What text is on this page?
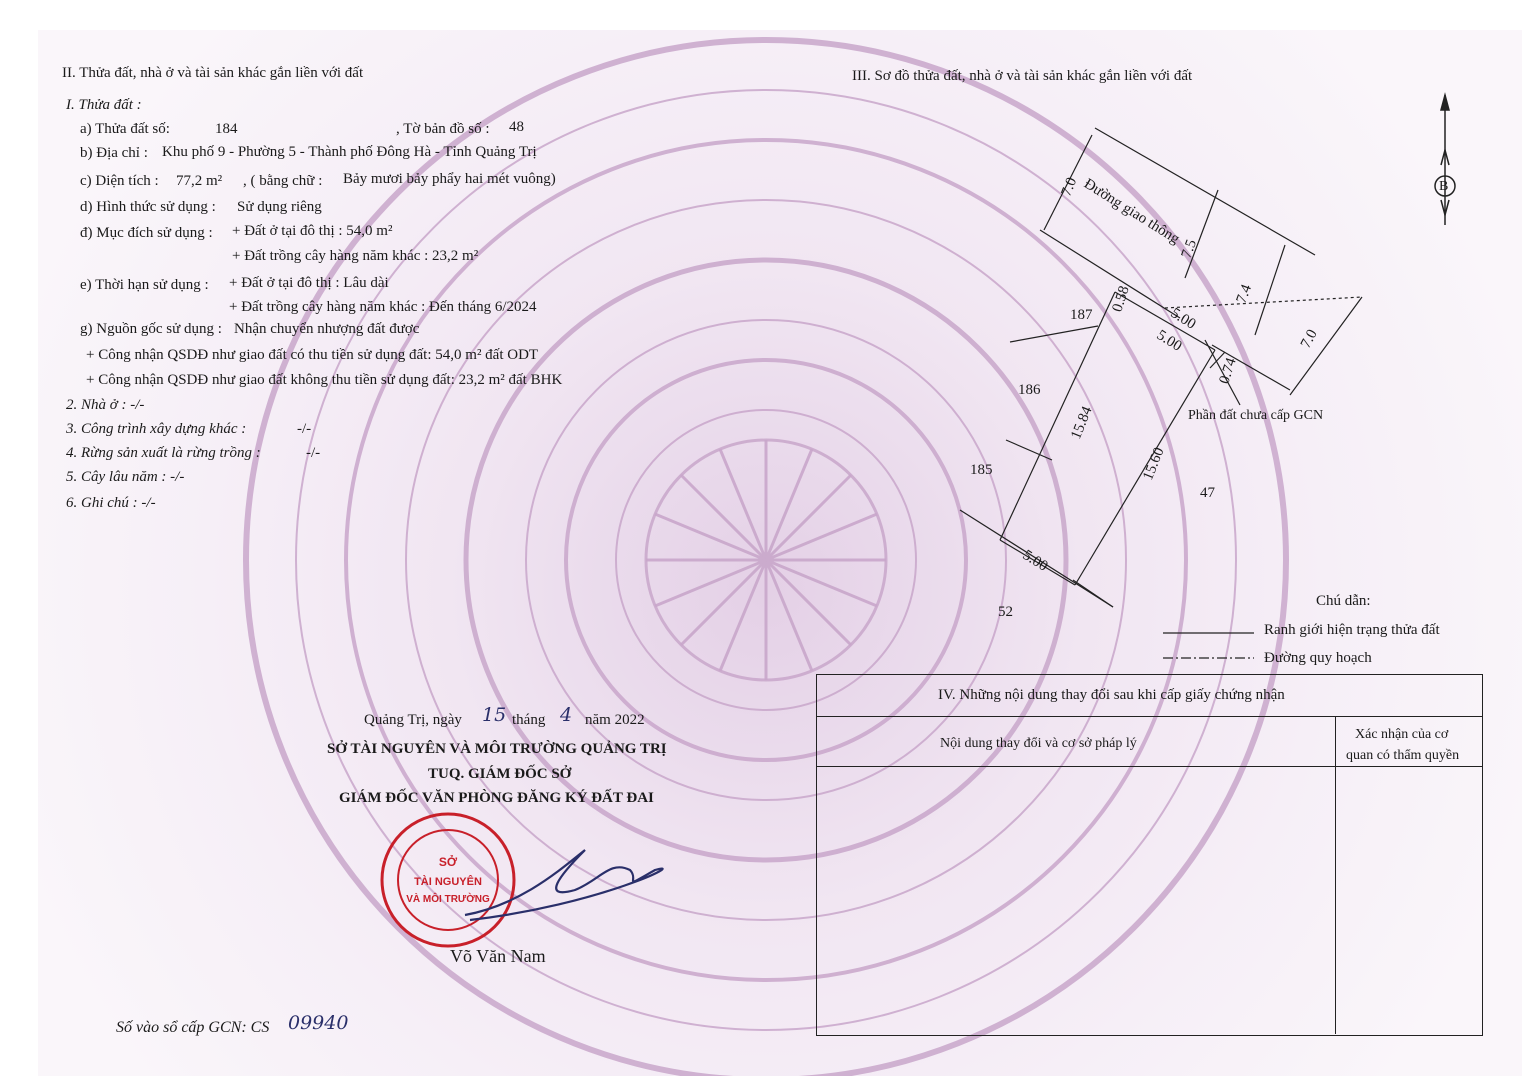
II. Thửa đất, nhà ở và tài sản khác gắn liền với đất
I. Thửa đất :
a) Thửa đất số:	184	, Tờ bản đồ số : 48
b) Địa chỉ : Khu phố 9 - Phường 5 - Thành phố Đông Hà - Tỉnh Quảng Trị
c) Diện tích : 77,2 m² , ( bằng chữ : Bảy mươi bảy phẩy hai mét vuông)
d) Hình thức sử dụng : Sử dụng riêng
đ) Mục đích sử dụng : + Đất ở tại đô thị : 54,0 m²
+ Đất trồng cây hàng năm khác : 23,2 m²
e) Thời hạn sử dụng : + Đất ở tại đô thị : Lâu dài
+ Đất trồng cây hàng năm khác : Đến tháng 6/2024
g) Nguồn gốc sử dụng : Nhận chuyển nhượng đất được
+ Công nhận QSDĐ như giao đất có thu tiền sử dụng đất: 54,0 m² đất ODT
+ Công nhận QSDĐ như giao đất không thu tiền sử dụng đất: 23,2 m² đất BHK
2. Nhà ở : -/-
3. Công trình xây dựng khác :	-/-
4. Rừng sản xuất là rừng trồng :	-/-
5. Cây lâu năm : -/-
6. Ghi chú : -/-
III. Sơ đồ thửa đất, nhà ở và tài sản khác gắn liền với đất
B
Đường giao thông
7.0
7.5
7.4
7.0
0.58
5.00
5.00
0.74
15.84
15.60
5.00
187
186
185
52
47
Phần đất chưa cấp GCN
Chú dẫn:
Ranh giới hiện trạng thửa đất
Đường quy hoạch
IV. Những nội dung thay đổi sau khi cấp giấy chứng nhận
Nội dung thay đổi và cơ sở pháp lý
Xác nhận của cơ
quan có thẩm quyền
Quảng Trị, ngày 15 tháng 4 năm 2022
SỞ TÀI NGUYÊN VÀ MÔI TRƯỜNG QUẢNG TRỊ
TUQ. GIÁM ĐỐC SỞ
GIÁM ĐỐC VĂN PHÒNG ĐĂNG KÝ ĐẤT ĐAI
SỞ
TÀI NGUYÊN
VÀ MÔI TRƯỜNG
Võ Văn Nam
Số vào sổ cấp GCN: CS 09940
